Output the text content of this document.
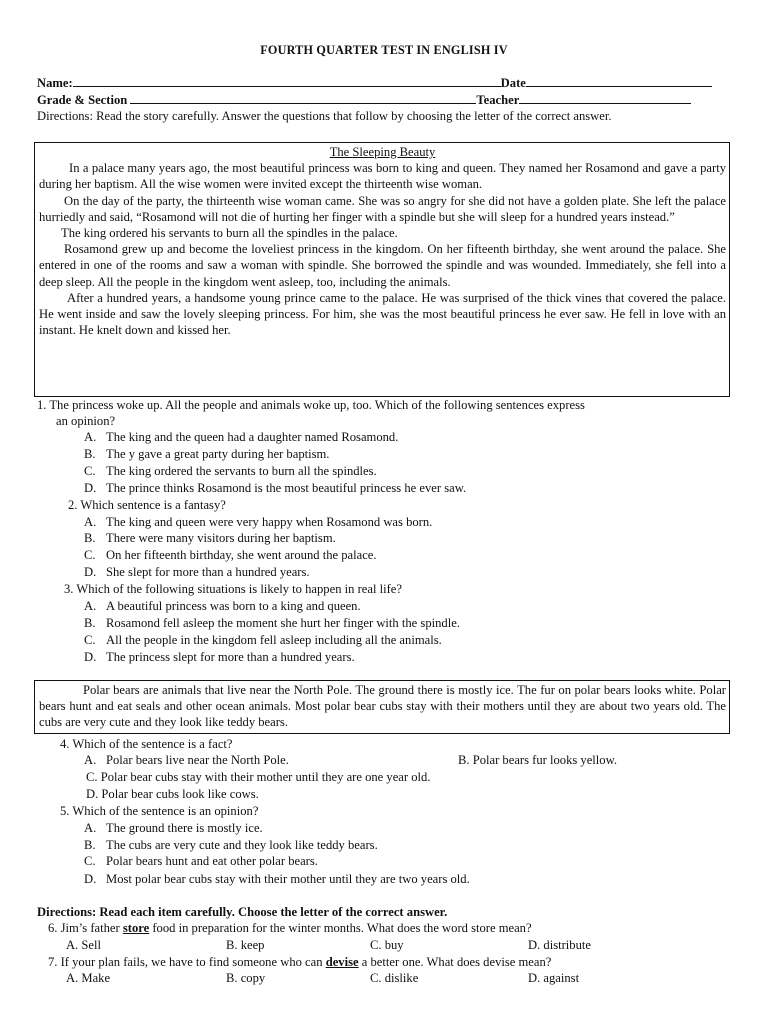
FOURTH QUARTER TEST IN ENGLISH IV
Name:	Date
Grade & Section	Teacher
Directions: Read the story carefully. Answer the questions that follow by choosing the letter of the correct answer.

The Sleeping Beauty

In a palace many years ago, the most beautiful princess was born to king and queen. They named her Rosamond and gave a party during her baptism. All the wise women were invited except the thirteenth wise woman.

On the day of the party, the thirteenth wise woman came. She was so angry for she did not have a golden plate. She left the palace hurriedly and said, “Rosamond will not die of hurting her finger with a spindle but she will sleep for a hundred years instead.”

The king ordered his servants to burn all the spindles in the palace.

Rosamond grew up and become the loveliest princess in the kingdom. On her fifteenth birthday, she went around the palace. She entered in one of the rooms and saw a woman with spindle. She borrowed the spindle and was wounded. Immediately, she fell into a deep sleep. All the people in the kingdom went asleep, too, including the animals.

After a hundred years, a handsome young prince came to the palace. He was surprised of the thick vines that covered the palace. He went inside and saw the lovely sleeping princess. For him, she was the most beautiful princess he ever saw. He fell in love with an instant. He knelt down and kissed her.

1. The princess woke up. All the people and animals woke up, too. Which of the following sentences express
an opinion?
A. The king and the queen had a daughter named Rosamond.
B. The y gave a great party during her baptism.
C. The king ordered the servants to burn all the spindles.
D. The prince thinks Rosamond is the most beautiful princess he ever saw.
2. Which sentence is a fantasy?
A. The king and queen were very happy when Rosamond was born.
B. There were many visitors during her baptism.
C. On her fifteenth birthday, she went around the palace.
D. She slept for more than a hundred years.
3. Which of the following situations is likely to happen in real life?
A. A beautiful princess was born to a king and queen.
B. Rosamond fell asleep the moment she hurt her finger with the spindle.
C. All the people in the kingdom fell asleep including all the animals.
D. The princess slept for more than a hundred years.

Polar bears are animals that live near the North Pole. The ground there is mostly ice. The fur on polar bears looks white. Polar bears hunt and eat seals and other ocean animals. Most polar bear cubs stay with their mothers until they are about two years old. The cubs are very cute and they look like teddy bears.

4. Which of the sentence is a fact?
A. Polar bears live near the North Pole.	B. Polar bears fur looks yellow.
C. Polar bear cubs stay with their mother until they are one year old.
D. Polar bear cubs look like cows.
5. Which of the sentence is an opinion?
A. The ground there is mostly ice.
B. The cubs are very cute and they look like teddy bears.
C. Polar bears hunt and eat other polar bears.
D. Most polar bear cubs stay with their mother until they are two years old.
Directions: Read each item carefully. Choose the letter of the correct answer.
6. Jim’s father store food in preparation for the winter months. What does the word store mean?
A. Sell	B. keep	C. buy	D. distribute
7. If your plan fails, we have to find someone who can devise a better one. What does devise mean?
A. Make	B. copy	C. dislike	D. against
